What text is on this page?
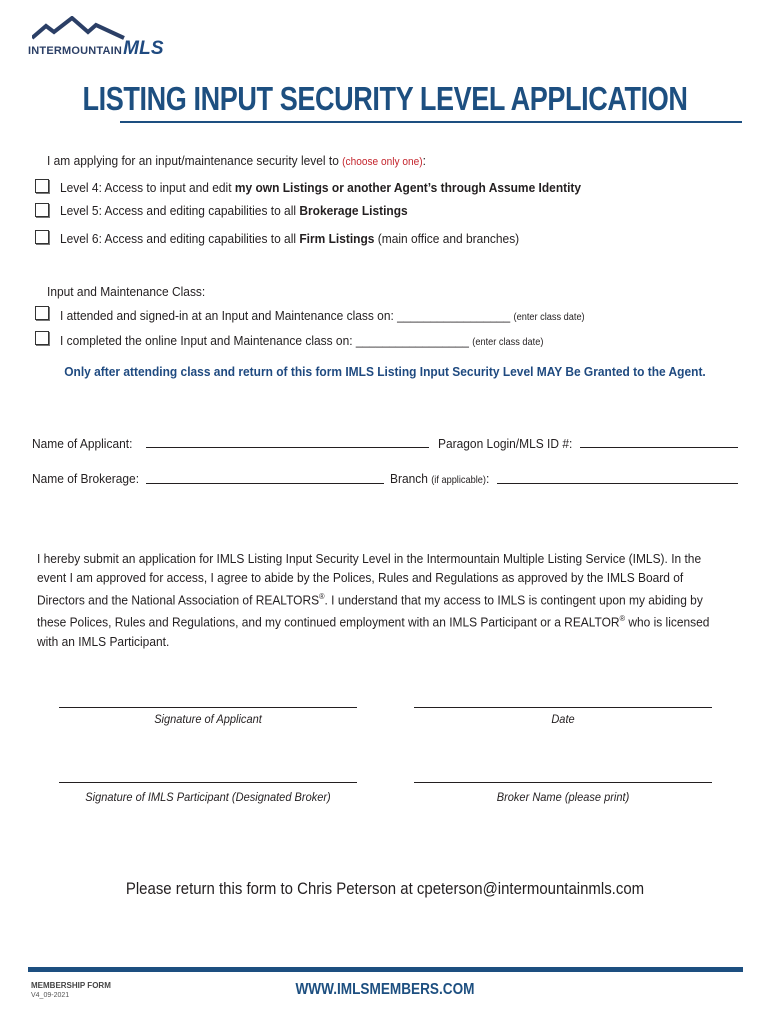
INTERMOUNTAINMLS
LISTING INPUT SECURITY LEVEL APPLICATION
I am applying for an input/maintenance security level to (choose only one):
Level 4: Access to input and edit my own Listings or another Agent’s through Assume Identity
Level 5: Access and editing capabilities to all Brokerage Listings
Level 6: Access and editing capabilities to all Firm Listings (main office and branches)
Input and Maintenance Class:
I attended and signed-in at an Input and Maintenance class on: _________________ (enter class date)
I completed the online Input and Maintenance class on: _________________ (enter class date)
Only after attending class and return of this form IMLS Listing Input Security Level MAY Be Granted to the Agent.
Name of Applicant:	Paragon Login/MLS ID #:
Name of Brokerage:	Branch (if applicable):
I hereby submit an application for IMLS Listing Input Security Level in the Intermountain Multiple Listing Service (IMLS). In the
event I am approved for access, I agree to abide by the Polices, Rules and Regulations as approved by the IMLS Board of
Directors and the National Association of REALTORS®. I understand that my access to IMLS is contingent upon my abiding by
these Polices, Rules and Regulations, and my continued employment with an IMLS Participant or a REALTOR® who is licensed
with an IMLS Participant.
Signature of Applicant	Date
Signature of IMLS Participant (Designated Broker)	Broker Name (please print)
Please return this form to Chris Peterson at cpeterson@intermountainmls.com
MEMBERSHIP FORM
V4_09-2021	WWW.IMLSMEMBERS.COM
